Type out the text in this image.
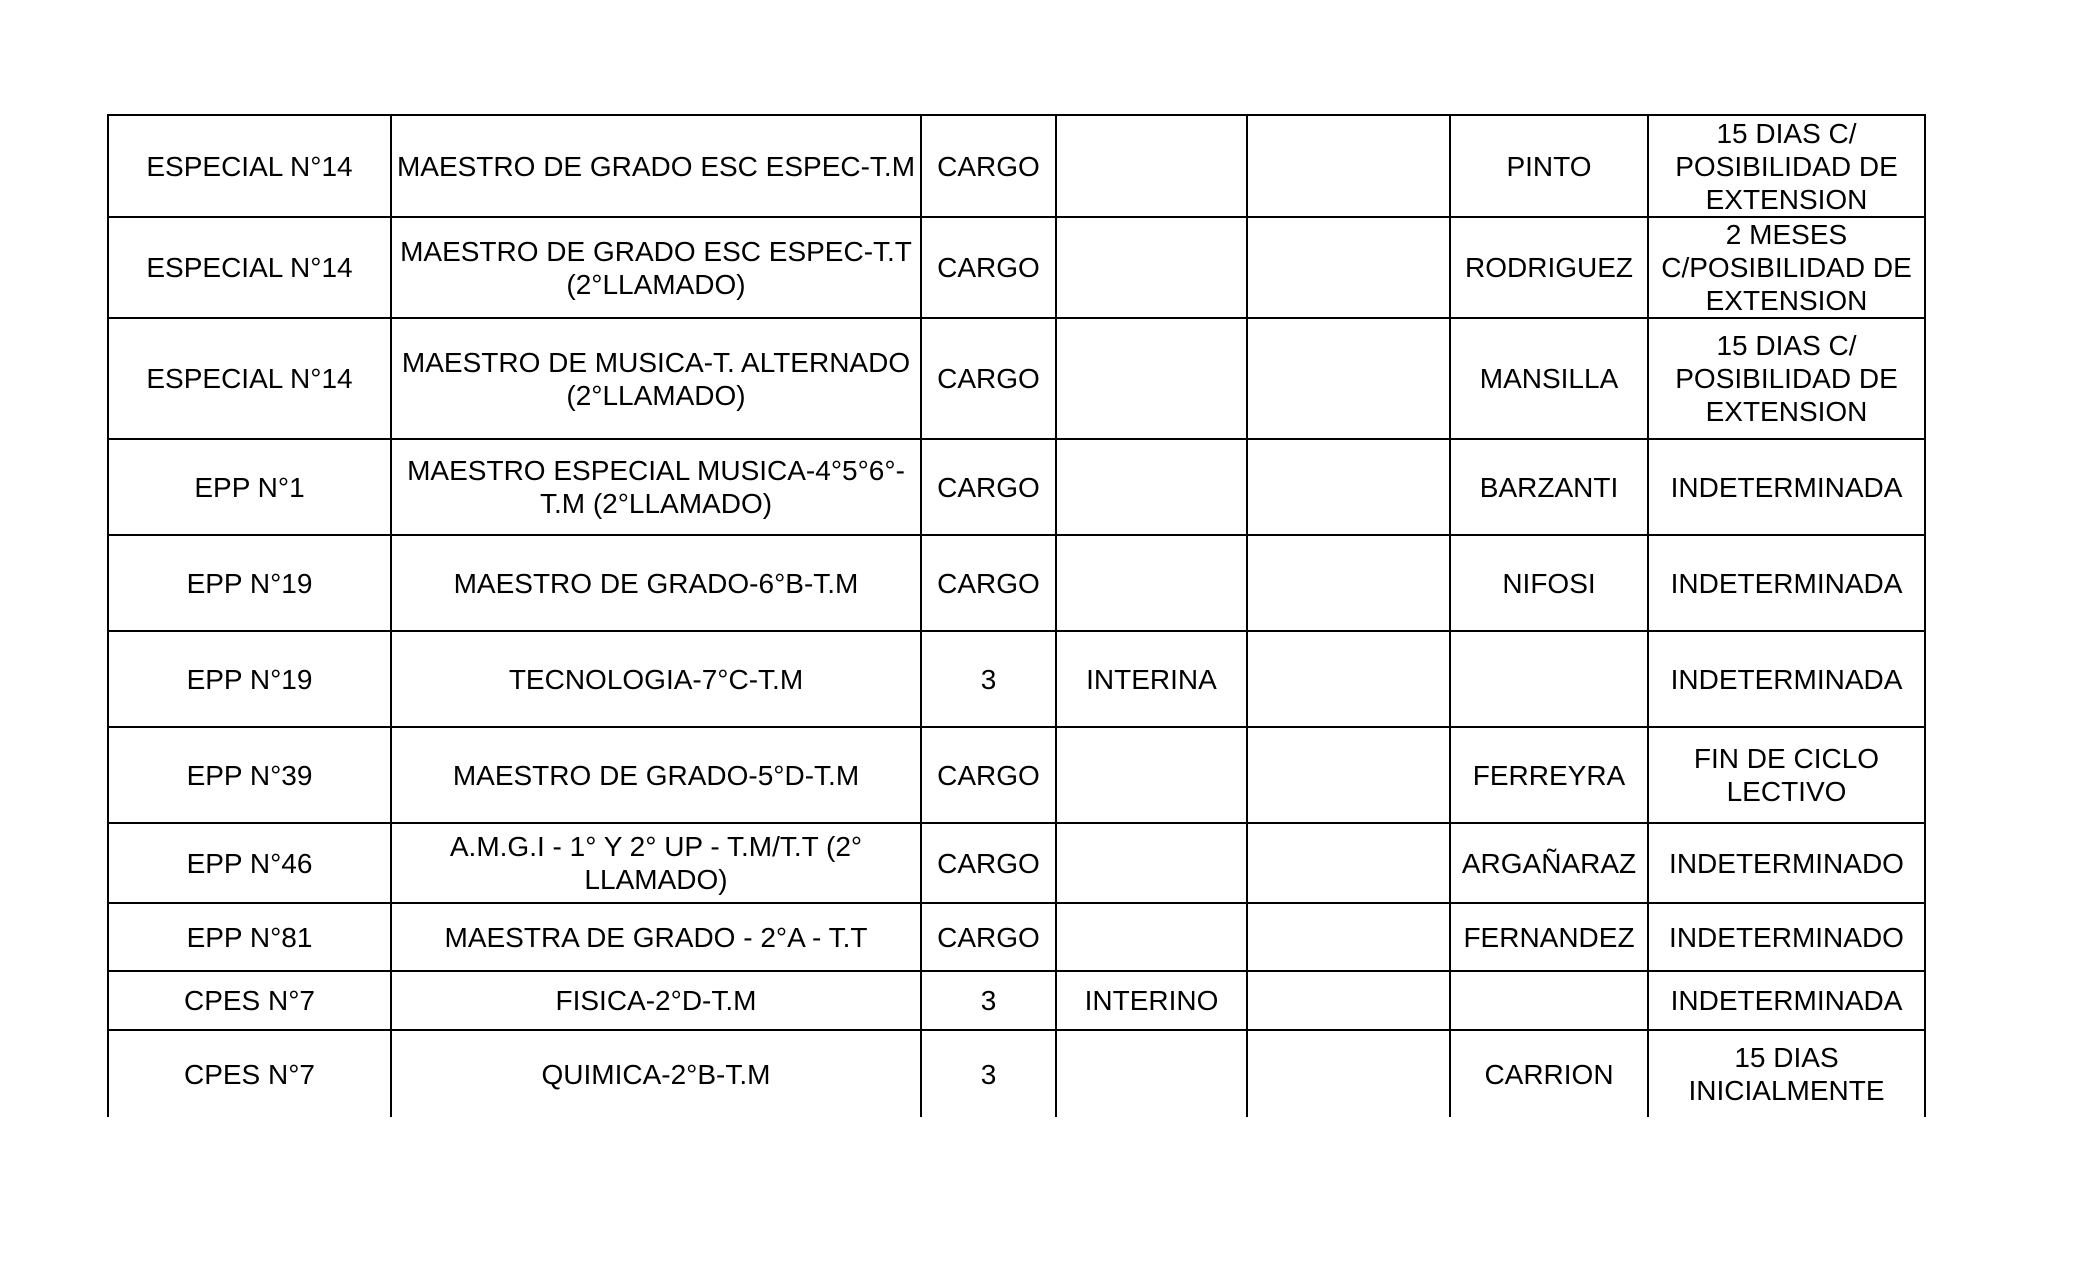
ESPECIAL N°14	MAESTRO DE GRADO ESC ESPEC-T.M	CARGO			PINTO	15 DIAS C/ POSIBILIDAD DE EXTENSION
ESPECIAL N°14	MAESTRO DE GRADO ESC ESPEC-T.T (2°LLAMADO)	CARGO			RODRIGUEZ	2 MESES C/POSIBILIDAD DE EXTENSION
ESPECIAL N°14	MAESTRO DE MUSICA-T. ALTERNADO (2°LLAMADO)	CARGO			MANSILLA	15 DIAS C/ POSIBILIDAD DE EXTENSION
EPP N°1	MAESTRO ESPECIAL MUSICA-4°5°6°-T.M (2°LLAMADO)	CARGO			BARZANTI	INDETERMINADA
EPP N°19	MAESTRO DE GRADO-6°B-T.M	CARGO			NIFOSI	INDETERMINADA
EPP N°19	TECNOLOGIA-7°C-T.M	3	INTERINA			INDETERMINADA
EPP N°39	MAESTRO DE GRADO-5°D-T.M	CARGO			FERREYRA	FIN DE CICLO LECTIVO
EPP N°46	A.M.G.I - 1° Y 2° UP - T.M/T.T (2° LLAMADO)	CARGO			ARGAÑARAZ	INDETERMINADO
EPP N°81	MAESTRA DE GRADO - 2°A - T.T	CARGO			FERNANDEZ	INDETERMINADO
CPES N°7	FISICA-2°D-T.M	3	INTERINO			INDETERMINADA
CPES N°7	QUIMICA-2°B-T.M	3			CARRION	15 DIAS INICIALMENTE
